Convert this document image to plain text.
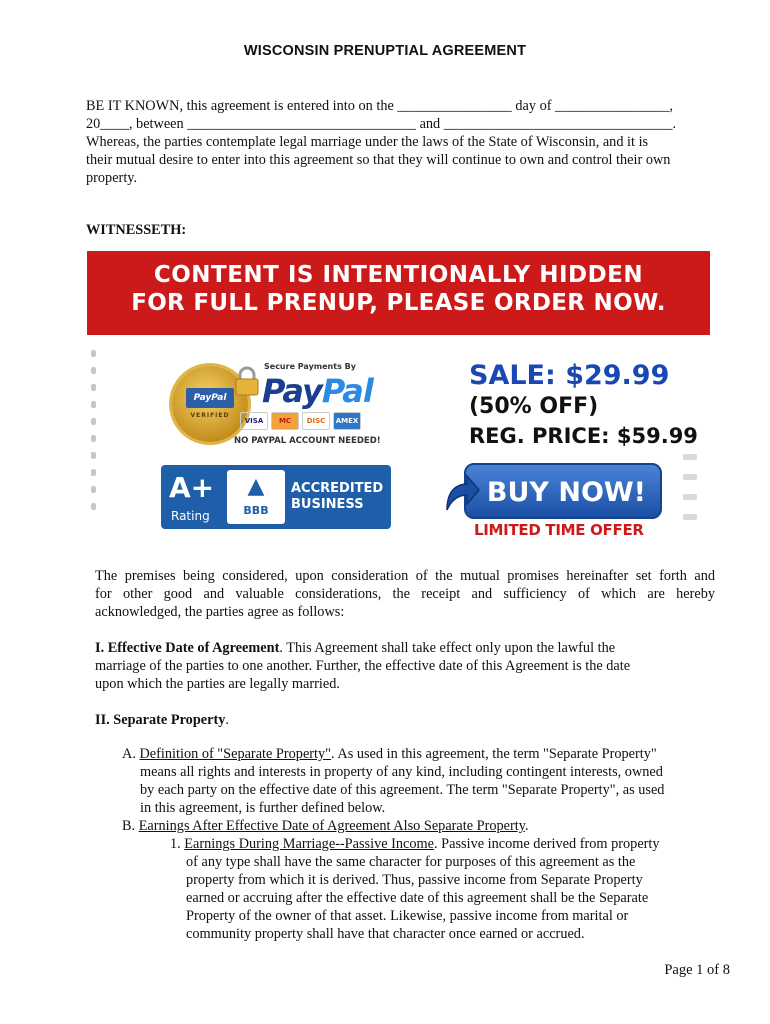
WISCONSIN PRENUPTIAL AGREEMENT
BE IT KNOWN, this agreement is entered into on the ________________ day of ________________,
20____, between ________________________________ and ________________________________.
Whereas, the parties contemplate legal marriage under the laws of the State of Wisconsin, and it is
their mutual desire to enter into this agreement so that they will continue to own and control their own
property.
WITNESSETH:
CONTENT IS INTENTIONALLY HIDDEN
FOR FULL PRENUP, PLEASE ORDER NOW.
PayPal
VERIFIED
Secure Payments By
PayPal
VISA MC DISC AMEX
NO PAYPAL ACCOUNT NEEDED!
SALE: $29.99
(50% OFF)
REG. PRICE: $59.99
A+
Rating
▲
BBB
ACCREDITED
BUSINESS	BUY NOW!
LIMITED TIME OFFER
The premises being considered, upon consideration of the mutual promises hereinafter set forth and
for other good and valuable considerations, the receipt and sufficiency of which are hereby
acknowledged, the parties agree as follows:
I. Effective Date of Agreement. This Agreement shall take effect only upon the lawful the
marriage of the parties to one another. Further, the effective date of this Agreement is the date
upon which the parties are legally married.
II. Separate Property.
A. Definition of "Separate Property". As used in this agreement, the term "Separate Property"
means all rights and interests in property of any kind, including contingent interests, owned
by each party on the effective date of this agreement. The term "Separate Property", as used
in this agreement, is further defined below.
B. Earnings After Effective Date of Agreement Also Separate Property.
1. Earnings During Marriage--Passive Income. Passive income derived from property
of any type shall have the same character for purposes of this agreement as the
property from which it is derived. Thus, passive income from Separate Property
earned or accruing after the effective date of this agreement shall be the Separate
Property of the owner of that asset. Likewise, passive income from marital or
community property shall have that character once earned or accrued.
Page 1 of 8
